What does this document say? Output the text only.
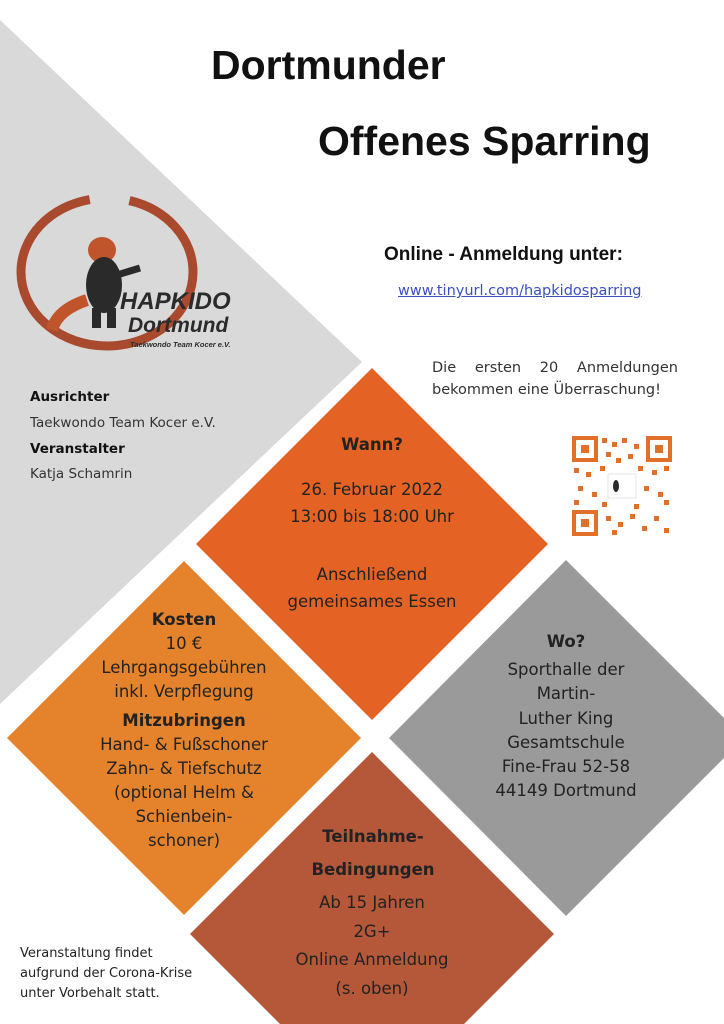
Dortmunder
Offenes Sparring
HAPKIDO
Dortmund
Taekwondo Team Kocer e.V.
Online - Anmeldung unter:
www.tinyurl.com/hapkidosparring
Die ersten 20 Anmeldungen
bekommen eine Überraschung!
Ausrichter
Taekwondo Team Kocer e.V.
Veranstalter
Katja Schamrin
Wann?
26. Februar 2022
13:00 bis 18:00 Uhr
Anschließend
gemeinsames Essen
Kosten
10 €
Lehrgangsgebühren
inkl. Verpflegung
Mitzubringen
Hand- & Fußschoner
Zahn- & Tiefschutz
(optional Helm &
Schienbein-
schoner)
Wo?
Sporthalle der
Martin-
Luther King
Gesamtschule
Fine-Frau 52-58
44149 Dortmund
Teilnahme-
Bedingungen
Ab 15 Jahren
2G+
Online Anmeldung
(s. oben)
Veranstaltung findet
aufgrund der Corona-Krise
unter Vorbehalt statt.
